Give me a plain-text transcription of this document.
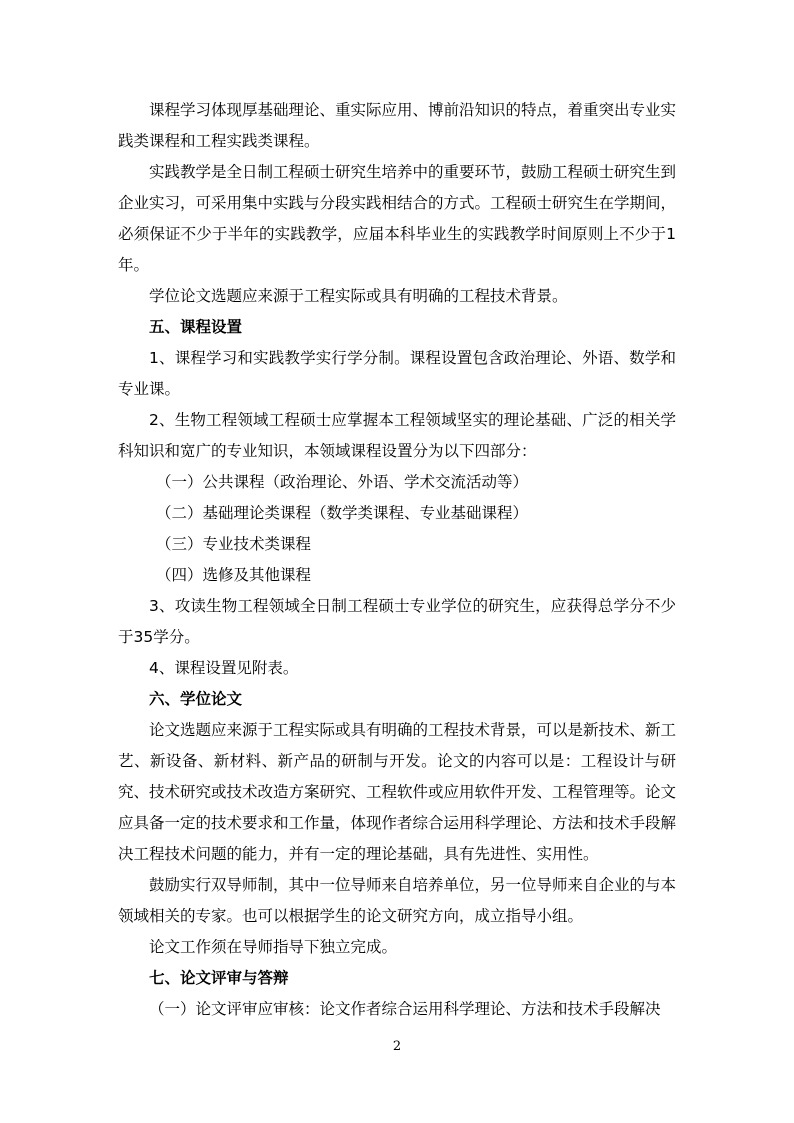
课程学习体现厚基础理论、重实际应用、博前沿知识的特点，着重突出专业实践类课程和工程实践类课程。

实践教学是全日制工程硕士研究生培养中的重要环节，鼓励工程硕士研究生到企业实习，可采用集中实践与分段实践相结合的方式。工程硕士研究生在学期间，必须保证不少于半年的实践教学，应届本科毕业生的实践教学时间原则上不少于1年。

学位论文选题应来源于工程实际或具有明确的工程技术背景。

五、课程设置

1、课程学习和实践教学实行学分制。课程设置包含政治理论、外语、数学和专业课。

2、生物工程领域工程硕士应掌握本工程领域坚实的理论基础、广泛的相关学科知识和宽广的专业知识，本领域课程设置分为以下四部分：

（一）公共课程（政治理论、外语、学术交流活动等）

（二）基础理论类课程（数学类课程、专业基础课程）

（三）专业技术类课程

（四）选修及其他课程

3、攻读生物工程领域全日制工程硕士专业学位的研究生，应获得总学分不少于35学分。

4、课程设置见附表。

六、学位论文

论文选题应来源于工程实际或具有明确的工程技术背景，可以是新技术、新工艺、新设备、新材料、新产品的研制与开发。论文的内容可以是：工程设计与研究、技术研究或技术改造方案研究、工程软件或应用软件开发、工程管理等。论文应具备一定的技术要求和工作量，体现作者综合运用科学理论、方法和技术手段解决工程技术问题的能力，并有一定的理论基础，具有先进性、实用性。

鼓励实行双导师制，其中一位导师来自培养单位，另一位导师来自企业的与本领域相关的专家。也可以根据学生的论文研究方向，成立指导小组。

论文工作须在导师指导下独立完成。

七、论文评审与答辩

（一）论文评审应审核：论文作者综合运用科学理论、方法和技术手段解决

2
